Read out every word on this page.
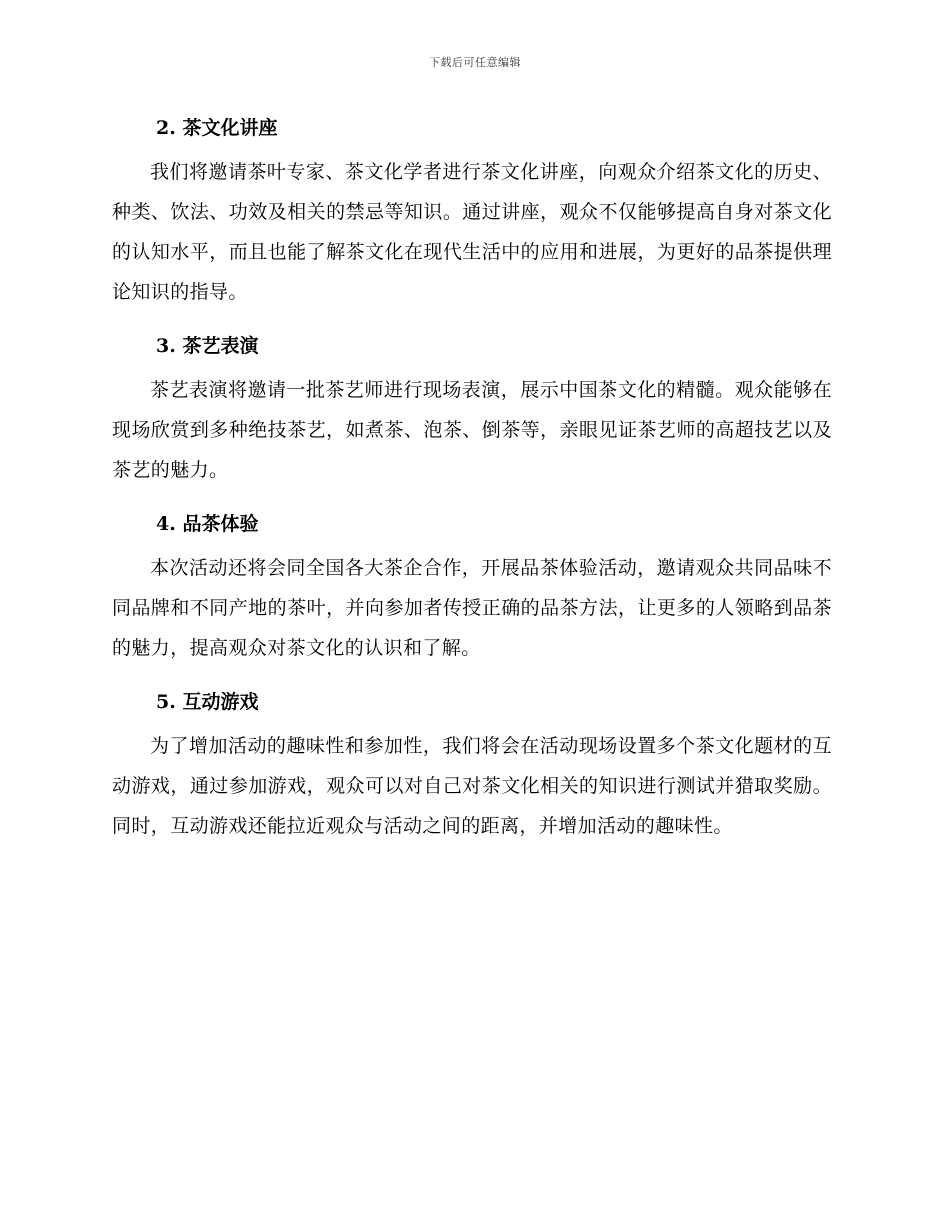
下载后可任意编辑
2. 茶文化讲座

我们将邀请茶叶专家、茶文化学者进行茶文化讲座，向观众介绍茶文化的历史、种类、饮法、功效及相关的禁忌等知识。通过讲座，观众不仅能够提高自身对茶文化的认知水平，而且也能了解茶文化在现代生活中的应用和进展，为更好的品茶提供理论知识的指导。

3. 茶艺表演

茶艺表演将邀请一批茶艺师进行现场表演，展示中国茶文化的精髓。观众能够在现场欣赏到多种绝技茶艺，如煮茶、泡茶、倒茶等，亲眼见证茶艺师的高超技艺以及茶艺的魅力。

4. 品茶体验

本次活动还将会同全国各大茶企合作，开展品茶体验活动，邀请观众共同品味不同品牌和不同产地的茶叶，并向参加者传授正确的品茶方法，让更多的人领略到品茶的魅力，提高观众对茶文化的认识和了解。

5. 互动游戏

为了增加活动的趣味性和参加性，我们将会在活动现场设置多个茶文化题材的互动游戏，通过参加游戏，观众可以对自己对茶文化相关的知识进行测试并猎取奖励。同时，互动游戏还能拉近观众与活动之间的距离，并增加活动的趣味性。
